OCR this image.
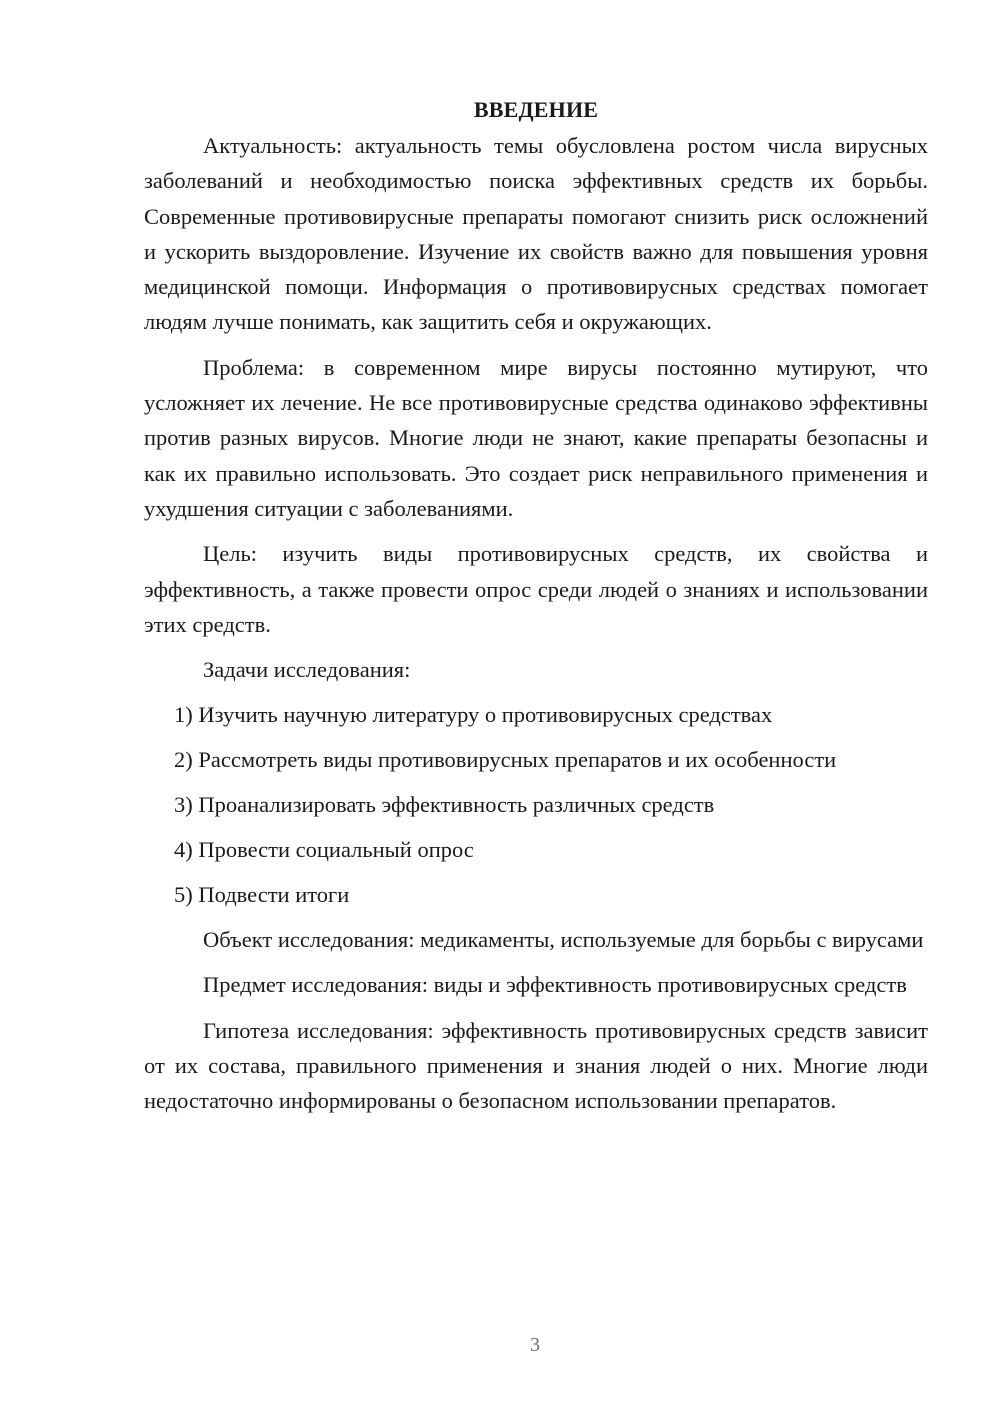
ВВЕДЕНИЕ

Актуальность: актуальность темы обусловлена ростом числа вирусных заболеваний и необходимостью поиска эффективных средств их борьбы. Современные противовирусные препараты помогают снизить риск осложнений и ускорить выздоровление. Изучение их свойств важно для повышения уровня медицинской помощи. Информация о противовирусных средствах помогает людям лучше понимать, как защитить себя и окружающих.

Проблема: в современном мире вирусы постоянно мутируют, что усложняет их лечение. Не все противовирусные средства одинаково эффективны против разных вирусов. Многие люди не знают, какие препараты безопасны и как их правильно использовать. Это создает риск неправильного применения и ухудшения ситуации с заболеваниями.

Цель: изучить виды противовирусных средств, их свойства и эффективность, а также провести опрос среди людей о знаниях и использовании этих средств.

Задачи исследования:
1) Изучить научную литературу о противовирусных средствах
2) Рассмотреть виды противовирусных препаратов и их особенности
3) Проанализировать эффективность различных средств
4) Провести социальный опрос
5) Подвести итоги

Объект исследования: медикаменты, используемые для борьбы с вирусами

Предмет исследования: виды и эффективность противовирусных средств

Гипотеза исследования: эффективность противовирусных средств зависит от их состава, правильного применения и знания людей о них. Многие люди недостаточно информированы о безопасном использовании препаратов.

3
